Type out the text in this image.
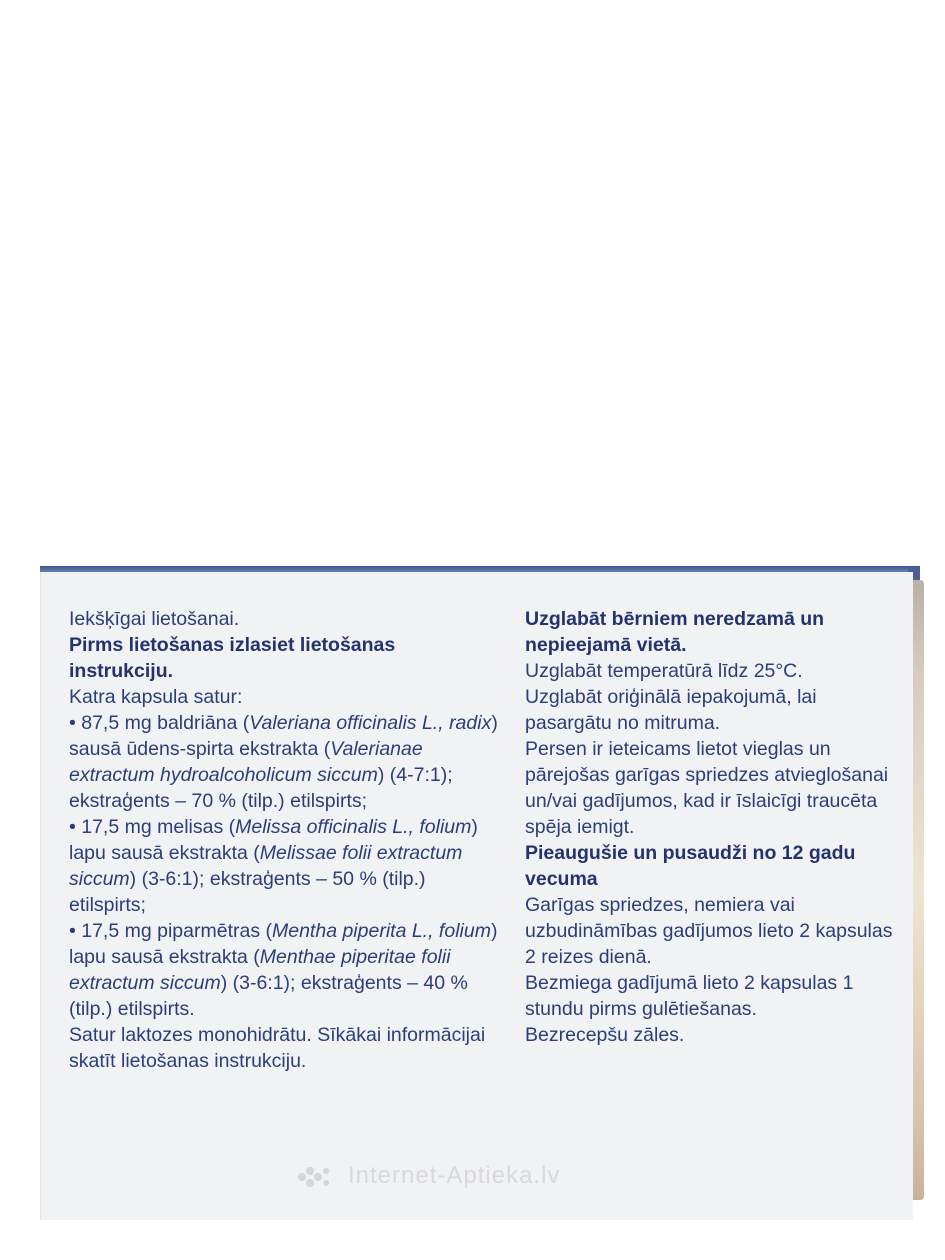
Iekšķīgai lietošanai.

Pirms lietošanas izlasiet lietošanas instrukciju.

Katra kapsula satur:

• 87,5 mg baldriāna (Valeriana officinalis L., radix) sausā ūdens-spirta ekstrakta (Valerianae extractum hydroalcoholicum siccum) (4-7:1); ekstraģents – 70 % (tilp.) etilspirts;

• 17,5 mg melisas (Melissa officinalis L., folium) lapu sausā ekstrakta (Melissae folii extractum siccum) (3-6:1); ekstraģents – 50 % (tilp.) etilspirts;

• 17,5 mg piparmētras (Mentha piperita L., folium) lapu sausā ekstrakta (Menthae piperitae folii extractum siccum) (3-6:1); ekstraģents – 40 % (tilp.) etilspirts.

Satur laktozes monohidrātu. Sīkākai informācijai skatīt lietošanas instrukciju.

Uzglabāt bērniem neredzamā un nepieejamā vietā.

Uzglabāt temperatūrā līdz 25°C.

Uzglabāt oriģinālā iepakojumā, lai pasargātu no mitruma.

Persen ir ieteicams lietot vieglas un pārejošas garīgas spriedzes atvieglošanai un/vai gadījumos, kad ir īslaicīgi traucēta spēja iemigt.

Pieaugušie un pusaudži no 12 gadu vecuma

Garīgas spriedzes, nemiera vai uzbudināmības gadījumos lieto 2 kapsulas 2 reizes dienā.

Bezmiega gadījumā lieto 2 kapsulas 1 stundu pirms gulētiešanas.

Bezrecepšu zāles.

Internet-Aptieka.lv
